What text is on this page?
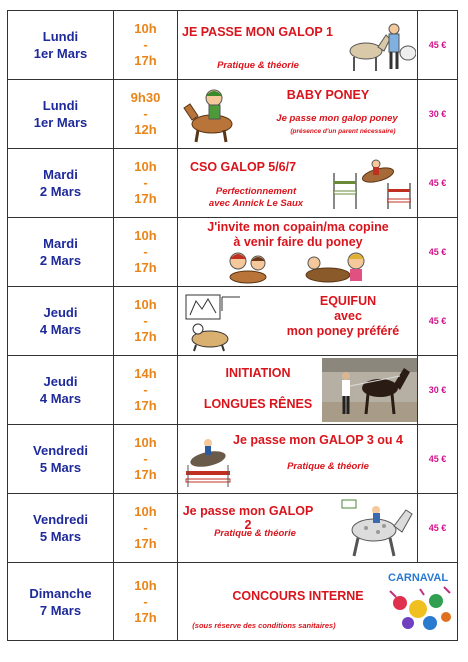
Lundi
1er Mars
10h
-
17h
JE PASSE MON GALOP 1
Pratique & théorie
45 €
Lundi
1er Mars
9h30
-
12h
BABY PONEY
Je passe mon galop poney
(présence d'un parent nécessaire)
30 €
Mardi
2 Mars
10h
-
17h
CSO GALOP 5/6/7
Perfectionnement
avec Annick Le Saux
45 €
Mardi
2 Mars
10h
-
17h
J'invite mon copain/ma copine
à venir faire du poney
45 €
Jeudi
4 Mars
10h
-
17h
EQUIFUN
avec
mon poney préféré
45 €
Jeudi
4 Mars
14h
-
17h
INITIATION
LONGUES RÊNES
30 €
Vendredi
5 Mars
10h
-
17h
Je passe mon GALOP 3 ou 4
Pratique & théorie
45 €
Vendredi
5 Mars
10h
-
17h
Je passe mon GALOP 2
Pratique & théorie	45 €
Dimanche
7 Mars
10h
-
17h
CONCOURS INTERNE
(sous réserve des conditions sanitaires)
CARNAVAL
